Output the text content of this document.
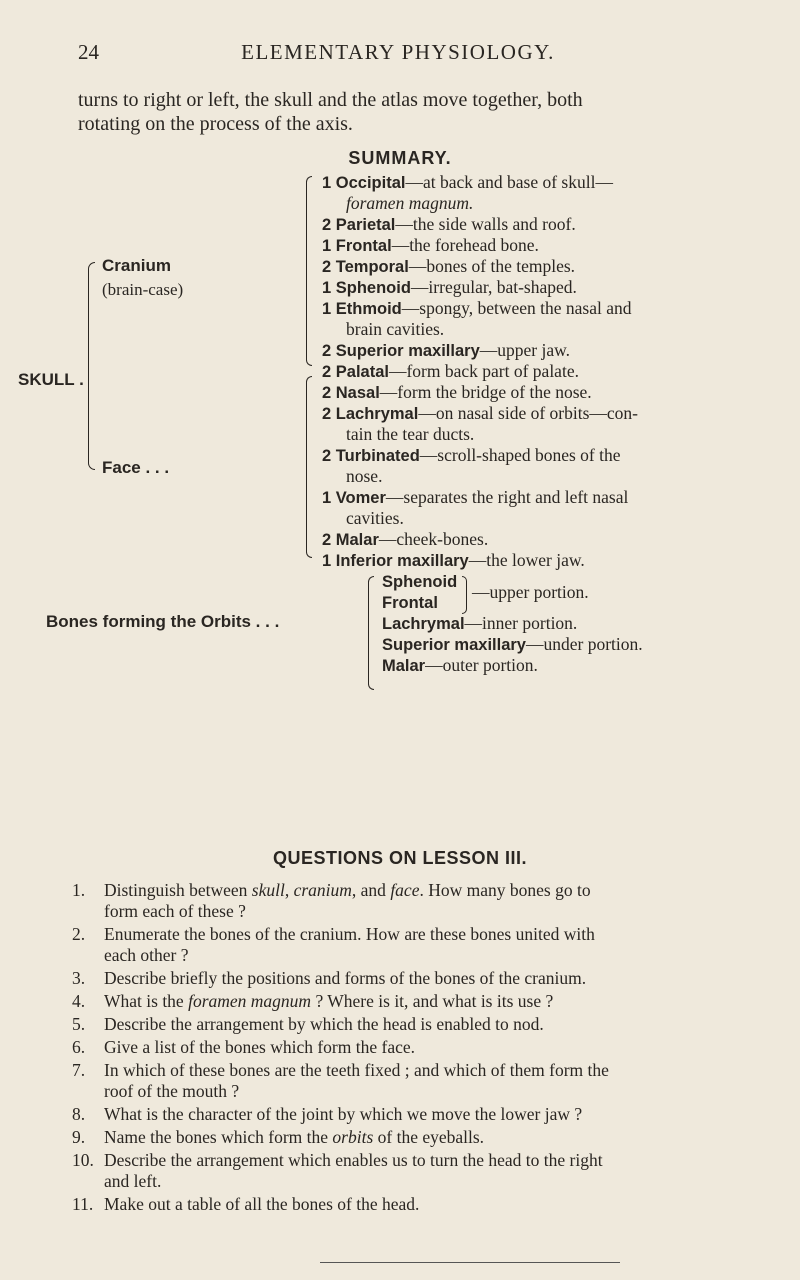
24	ELEMENTARY PHYSIOLOGY.
turns to right or left, the skull and the atlas move together, both
rotating on the process of the axis.
SUMMARY.
SKULL .
Cranium
(brain-case)
Face . . .
1 Occipital—at back and base of skull—
foramen magnum.
2 Parietal—the side walls and roof.
1 Frontal—the forehead bone.
2 Temporal—bones of the temples.
1 Sphenoid—irregular, bat-shaped.
1 Ethmoid—spongy, between the nasal and
brain cavities.
2 Superior maxillary—upper jaw.
2 Palatal—form back part of palate.
2 Nasal—form the bridge of the nose.
2 Lachrymal—on nasal side of orbits—con-
tain the tear ducts.
2 Turbinated—scroll-shaped bones of the
nose.
1 Vomer—separates the right and left nasal
cavities.
2 Malar—cheek-bones.
1 Inferior maxillary—the lower jaw.
Bones forming the Orbits . . .
Sphenoid
Frontal
—upper portion.
Lachrymal—inner portion.
Superior maxillary—under portion.
Malar—outer portion.
QUESTIONS ON LESSON III.
1. Distinguish between skull, cranium, and face. How many bones go to
form each of these ?
2. Enumerate the bones of the cranium. How are these bones united with
each other ?
3. Describe briefly the positions and forms of the bones of the cranium.
4. What is the foramen magnum ? Where is it, and what is its use ?
5. Describe the arrangement by which the head is enabled to nod.
6. Give a list of the bones which form the face.
7. In which of these bones are the teeth fixed ; and which of them form the
roof of the mouth ?
8. What is the character of the joint by which we move the lower jaw ?
9. Name the bones which form the orbits of the eyeballs.
10. Describe the arrangement which enables us to turn the head to the right
and left.
11. Make out a table of all the bones of the head.
